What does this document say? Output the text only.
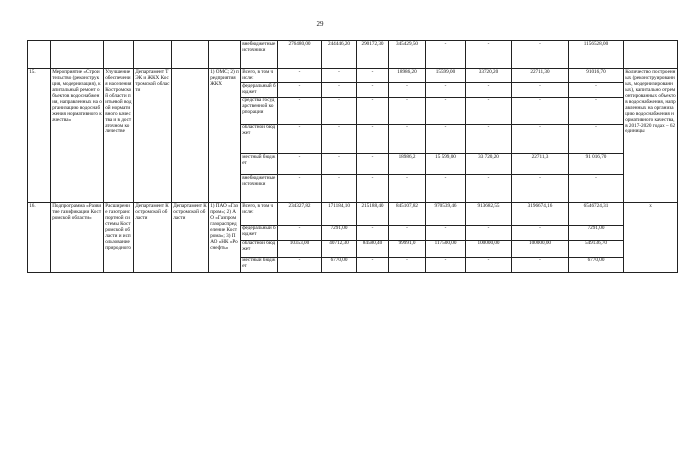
29
						внебюджетные источники	276480,00	244446,20	290172,30	345429,50	-	-	-	1156528,00	
15.	Мероприятие «Строительство (реконструкция, модернизация), капитальный ремонт объектов водоснабжения, направленных на организацию водоснабжения нормативного качества»	Улучшение обеспечения населения Костромской области питьевой водой нормативного качества и в достаточном количестве	Департамент ТЭК и ЖКХ Костромской области		1) ОМС; 2) предприятия ЖКХ	Всего, в том числе:	-	-	-	18986,20	15599,00	33720,20	22711,30	91016,70	Количество построенных (реконструированных, модернизированных), капитально отремонтированных объектов водоснабжения, направленных на организацию водоснабжения нормативного качества, в 2017-2020 годах – 62 единицы
						федеральный бюджет	-	-	-	-	-	-	-	-	
						средства государственной корпорации	-	-	-	-	-	-	-	-	
						областной бюджет	-	-	-	-	-	-	-	-	
						местный бюджет	-	-	-	18986,2	15 599,00	33 720,20	22711,3	91 016,70	
						внебюджетные источники	-	-	-	-	-	-	-	-	
16.	Подпрограмма «Развитие газификации Костромской области»	Расширение газотранспортной системы Костромской области и использование природного	Департамент Костромской области	Департамент Костромской области	1) ПАО «Газпром»; 2) АО «Газпром газораспределение Кострома»; 3) ПАО «НК «Роснефть»	Всего, в том числе:	234327,82	171184,10	215188,40	845107,82	970539,46	913682,55	3196674,16	6546724,31	x
						федеральный бюджет	-	7291,00	-	-	-	-	-	7291,00	
						областной бюджет	10353,00	40712,30	84580,40	99991,0	117500,00	100000,00	100000,00	549136,70	
						местный бюджет	-	6770,00	-	-	-	-	-	6770,00	
